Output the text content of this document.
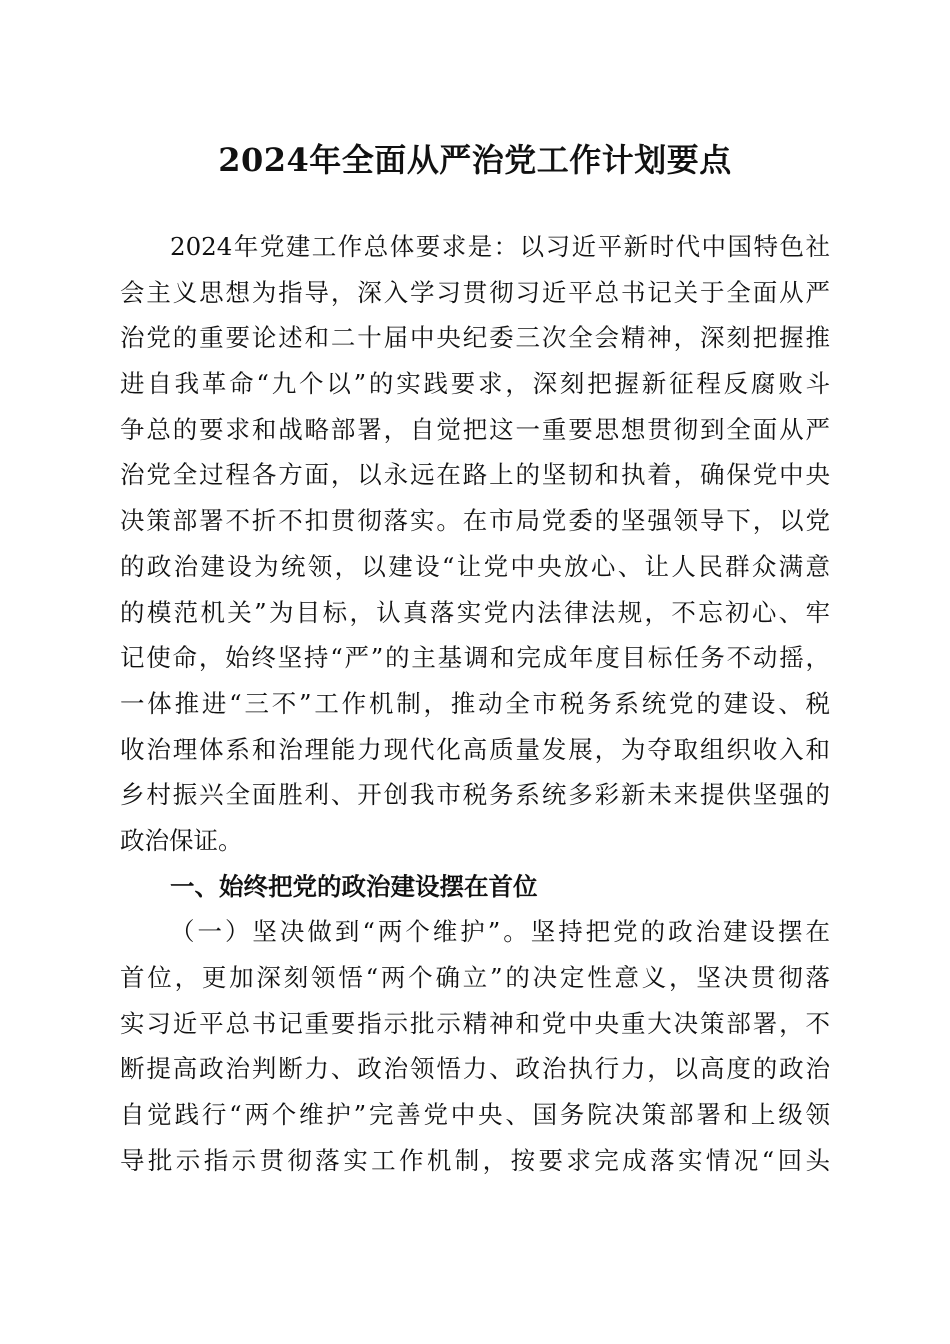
2024年全面从严治党工作计划要点
2024年党建工作总体要求是：以习近平新时代中国特色社
会主义思想为指导，深入学习贯彻习近平总书记关于全面从严
治党的重要论述和二十届中央纪委三次全会精神，深刻把握推
进自我革命“九个以”的实践要求，深刻把握新征程反腐败斗
争总的要求和战略部署，自觉把这一重要思想贯彻到全面从严
治党全过程各方面，以永远在路上的坚韧和执着，确保党中央
决策部署不折不扣贯彻落实。在市局党委的坚强领导下，以党
的政治建设为统领，以建设“让党中央放心、让人民群众满意
的模范机关”为目标，认真落实党内法律法规，不忘初心、牢
记使命，始终坚持“严”的主基调和完成年度目标任务不动摇，
一体推进“三不”工作机制，推动全市税务系统党的建设、税
收治理体系和治理能力现代化高质量发展，为夺取组织收入和
乡村振兴全面胜利、开创我市税务系统多彩新未来提供坚强的
政治保证。
一、始终把党的政治建设摆在首位
（一）坚决做到“两个维护”。坚持把党的政治建设摆在
首位，更加深刻领悟“两个确立”的决定性意义，坚决贯彻落
实习近平总书记重要指示批示精神和党中央重大决策部署，不
断提高政治判断力、政治领悟力、政治执行力，以高度的政治
自觉践行“两个维护”完善党中央、国务院决策部署和上级领
导批示指示贯彻落实工作机制，按要求完成落实情况“回头
